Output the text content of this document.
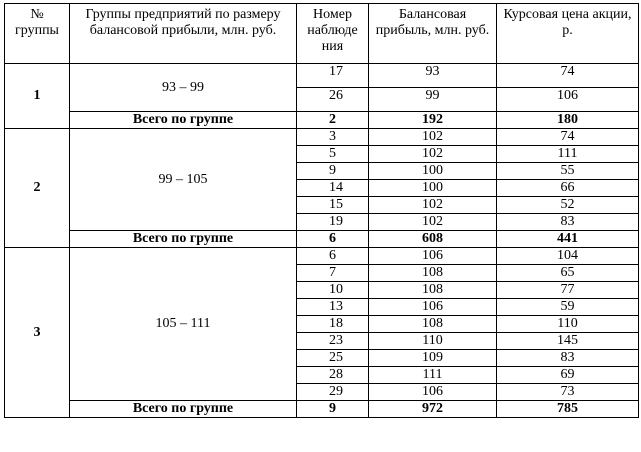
№ группы	Группы предприятий по размеру балансовой прибыли, млн. руб.	Номер наблюде ния	Балансовая прибыль, млн. руб.	Курсовая цена акции, р.
1	93 – 99	17	93	74
		26	99	106
	Всего по группе	2	192	180
2	99 – 105	3	102	74
		5	102	111
		9	100	55
		14	100	66
		15	102	52
		19	102	83
	Всего по группе	6	608	441
3	105 – 111	6	106	104
		7	108	65
		10	108	77
		13	106	59
		18	108	110
		23	110	145
		25	109	83
		28	111	69
		29	106	73
	Всего по группе	9	972	785
